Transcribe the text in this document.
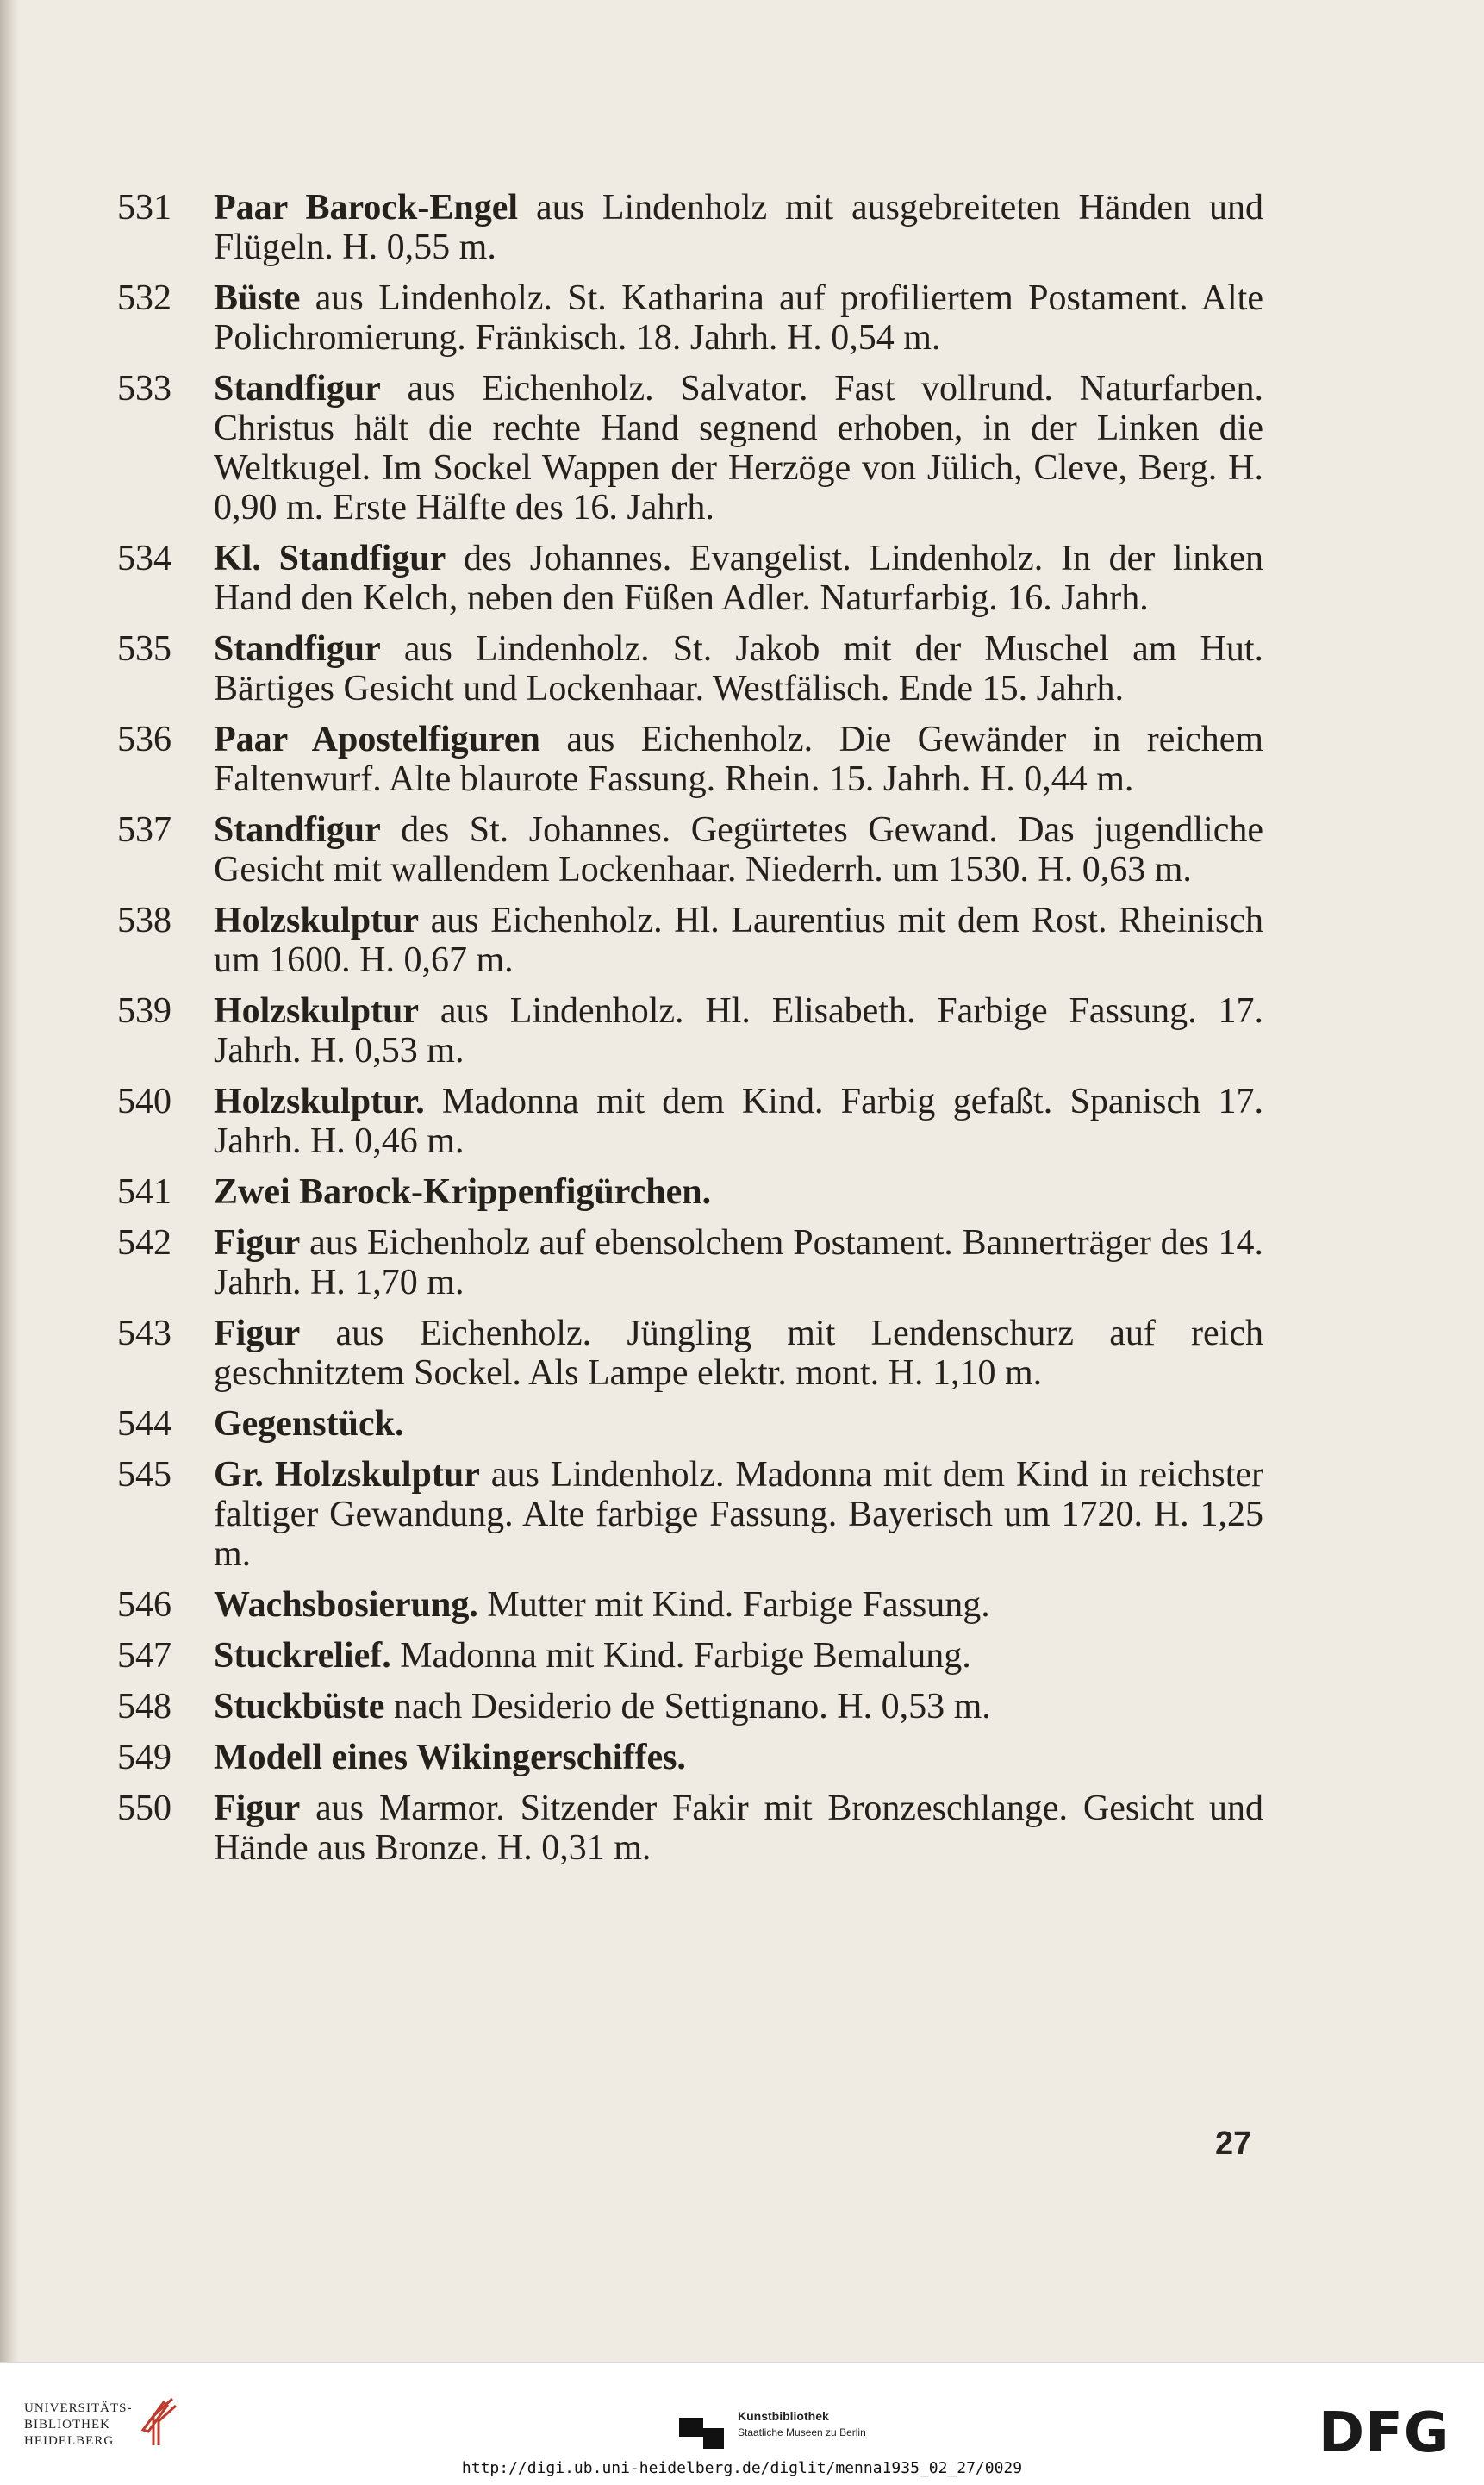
531	Paar Barock-Engel aus Lindenholz mit ausgebreiteten Händen und Flügeln. H. 0,55 m.
532	Büste aus Lindenholz. St. Katharina auf profiliertem Postament. Alte Polichromierung. Fränkisch. 18. Jahrh. H. 0,54 m.
533	Standfigur aus Eichenholz. Salvator. Fast vollrund. Naturfarben. Christus hält die rechte Hand segnend erhoben, in der Linken die Weltkugel. Im Sockel Wappen der Herzöge von Jülich, Cleve, Berg. H. 0,90 m. Erste Hälfte des 16. Jahrh.
534	Kl. Standfigur des Johannes. Evangelist. Lindenholz. In der linken Hand den Kelch, neben den Füßen Adler. Naturfarbig. 16. Jahrh.
535	Standfigur aus Lindenholz. St. Jakob mit der Muschel am Hut. Bärtiges Gesicht und Lockenhaar. Westfälisch. Ende 15. Jahrh.
536	Paar Apostelfiguren aus Eichenholz. Die Gewänder in reichem Faltenwurf. Alte blaurote Fassung. Rhein. 15. Jahrh. H. 0,44 m.
537	Standfigur des St. Johannes. Gegürtetes Gewand. Das jugendliche Gesicht mit wallendem Lockenhaar. Niederrh. um 1530. H. 0,63 m.
538	Holzskulptur aus Eichenholz. Hl. Laurentius mit dem Rost. Rheinisch um 1600. H. 0,67 m.
539	Holzskulptur aus Lindenholz. Hl. Elisabeth. Farbige Fassung. 17. Jahrh. H. 0,53 m.
540	Holzskulptur. Madonna mit dem Kind. Farbig gefaßt. Spanisch 17. Jahrh. H. 0,46 m.
541	Zwei Barock-Krippenfigürchen.
542	Figur aus Eichenholz auf ebensolchem Postament. Bannerträger des 14. Jahrh. H. 1,70 m.
543	Figur aus Eichenholz. Jüngling mit Lendenschurz auf reich geschnitztem Sockel. Als Lampe elektr. mont. H. 1,10 m.
544	Gegenstück.
545	Gr. Holzskulptur aus Lindenholz. Madonna mit dem Kind in reichster faltiger Gewandung. Alte farbige Fassung. Bayerisch um 1720. H. 1,25 m.
546	Wachsbosierung. Mutter mit Kind. Farbige Fassung.
547	Stuckrelief. Madonna mit Kind. Farbige Bemalung.
548	Stuckbüste nach Desiderio de Settignano. H. 0,53 m.
549	Modell eines Wikingerschiffes.
550	Figur aus Marmor. Sitzender Fakir mit Bronzeschlange. Gesicht und Hände aus Bronze. H. 0,31 m.
27
UNIVERSITÄTS-
BIBLIOTHEK
HEIDELBERG
Kunstbibliothek
Staatliche Museen zu Berlin	DFG
http://digi.ub.uni-heidelberg.de/diglit/menna1935_02_27/0029
